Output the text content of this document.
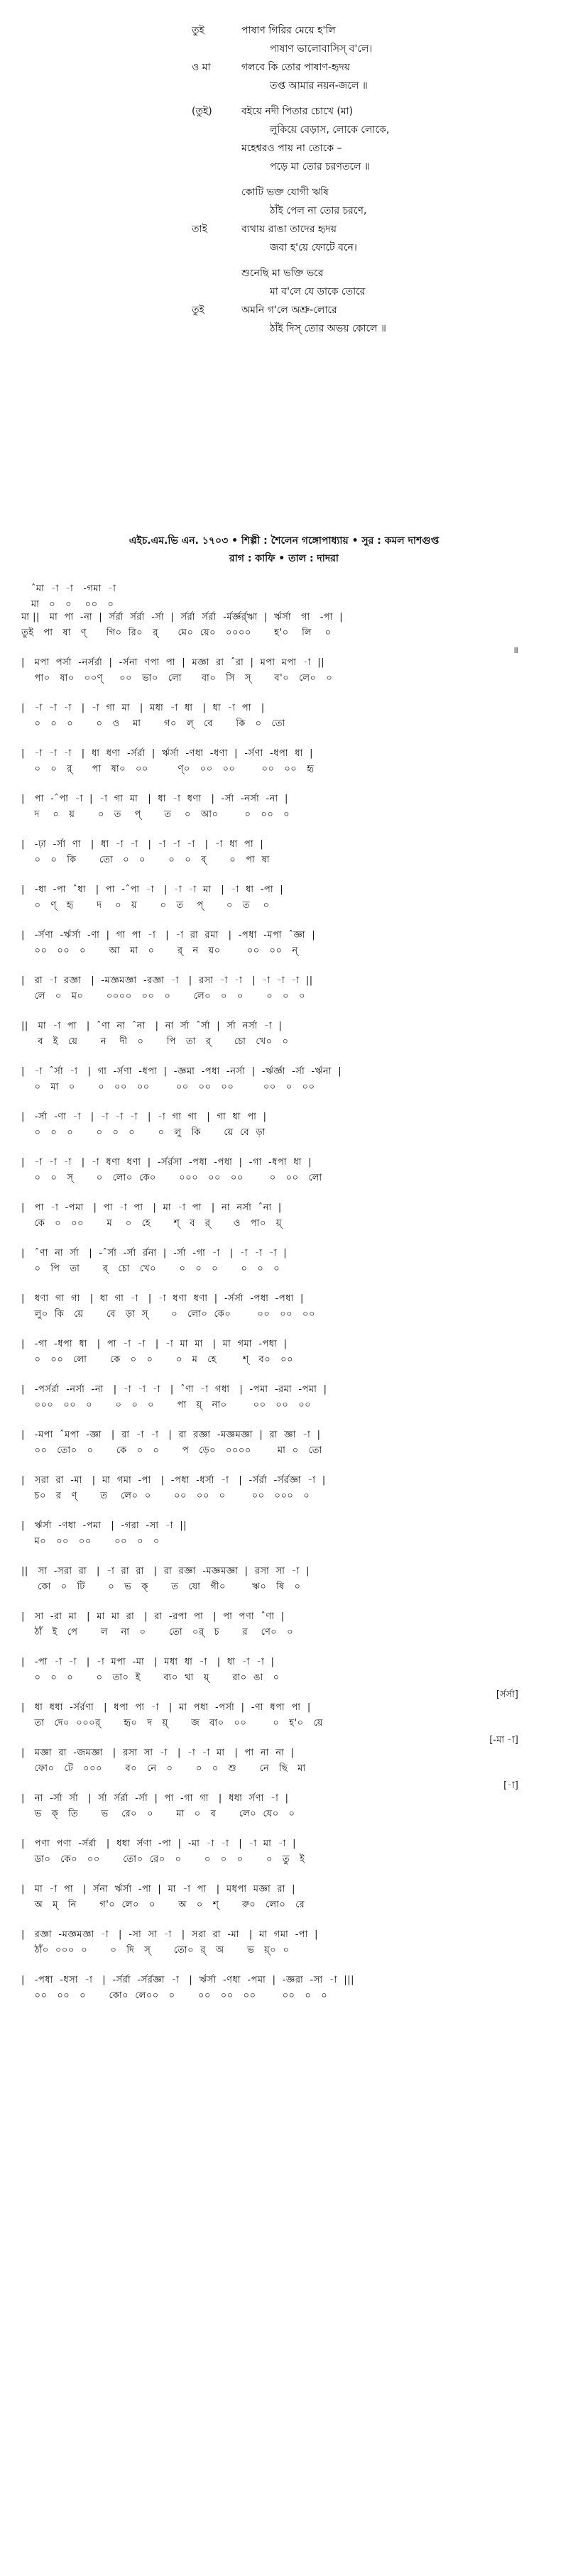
তুই	পাষাণ গিরির মেয়ে হ'লি
পাষাণ ভালোবাসিস্‌ ব'লে।
ও মা	গলবে কি তোর পাষাণ-হৃদয়
তপ্ত আমার নয়ন-জলে ॥
(তুই)	বইয়ে নদী পিতার চোখে (মা)
লুকিয়ে বেড়াস, লোকে লোকে,
মহেশ্বরও পায় না তোকে –
পড়ে মা তোর চরণতলে ॥
কোটি ভক্ত যোগী ঋষি
ঠাঁই পেল না তোর চরণে,
তাই	ব্যথায় রাঙা তাদের হৃদয়
জবা হ'য়ে ফোটে বনে।
শুনেছি মা ভক্তি ভরে
মা ব'লে যে ডাকে তোরে
তুই	অমনি গ'লে অশ্রু-লোরে
ঠাঁই দিস্‌ তোর অভয় কোলে ॥
এইচ.এম.ভি এন. ১৭০৩ • শিল্পী : শৈলেন গঙ্গোপাধ্যায় • সুর : কমল দাশগুপ্ত
রাগ : কাফি • তাল : দাদরা
ˆমা  -া  -া   -গমা  -া
মা   ০   ০    ০০   ০
মা ||   মা  পা  -না  |  র্সর্রা  র্সর্রা  -র্সা  |  র্সর্রা  র্সর্রা  -র্মর্জ্ঞর্র্ঋা  |  র্ঋর্সা   গা   -পা  |
তুই   পা   ষা   ণ্      গি০  রি০   র্      মে০  য়ে০   ০০০০       হ'০    লি    ০
|   মপা  পর্সা  -নর্সর্রা  |  -র্সনা  ণপা  পা  |  মজ্ঞা  রা  ˆরা  |  মপা  মপা  -া  ||
পা০   ষা০   ০০ণ্     ০০   ভা০   লো      বা০   সি   স্       ব'০   লে০   ০
॥
|   -া  -া  -া   |  -া  গা  মা   |  মধা  -া  ধা   |  ধা  -া  পা   |
০   ০   ০       ০   ও    মা       গ০   ল্   বে       কি   ০   তো
|   -া  -া  -া   |  ধা  ধণা  -র্সর্রা  |  র্ঋর্সা  -ণধা  -ধণা  |  -র্সণা  -ধপা  ধা  |
০   ০   র্      পা   ষা০   ০০         ণ্০   ০০   ০০        ০০   ০০   হৃ
|   পা  -ˆপা  -া  |  -া  গা  মা   |  ধা  -া  ধণা   |  -র্সা  -নর্সা  -না  |
দ    ০   য়       ০   ত    প্       ত    ০   আ০        ০   ০০   ০
|   -ঢ়া  -র্সা  ণা   |  ধা  -া  -া   |  -া  -া  -া   |  -া  ধা  পা  |
০   ০   কি       তো   ০   ০       ০   ০   ব্       ০   পা  ষা
|   -ধা  -পা  ˆধা   |  পা  -ˆপা  -া   |  -া  -া  মা   |  -া  ধা  -পা  |
০   ণ্   হৃ       দ    ০   য়       ০   ত    প্       ০   ত    ০
|   -র্সণা  -র্ঋর্সা  -ণা  |  গা  পা  -া   |  -া  রা  রমা   |  -পধা  -মপা  ˆজ্ঞা  |
০০   ০০   ০       আ   মা   ০       র্   ন   য়০        ০০   ০০   ন্
|   রা  -া  রজ্ঞা   |  -মজ্ঞমজ্ঞা  -রজ্ঞা  -া   |  রসা  -া  -া   |  -া  -া  -া  ||
লে   ০   ম০       ০০০০   ০০   ০       লে০   ০   ০       ০   ০   ০
||   মা  -া  পা   |  ˆণা  না  ˆনা   |  না  র্সা  ˆর্সা  |  র্সা  নর্সা  -া  |
ব   ই   য়ে       ন    দী   ০       পি   তা   র্       চো   খে০   ০
|   -া  ˆর্সা  -া   |  গা  -র্সণা  -ধপা  |  -জ্ঞমা  -পধা  -নর্সা  |  -র্ঋর্জ্ঞা  -র্সা  -র্ঋনা  |
০   মা   ০       ০   ০০   ০০        ০০   ০০   ০০         ০০   ০   ০০
|   -র্সা  -ণা  -া   |  -া  -া  -া   |  -া  গা  গা   |  গা  ধা  পা  |
০   ০   ০       ০   ০   ০       ০   লু   কি       য়ে  বে  ড়া
|   -া  -া  -া   |  -া  ধণা  ধণা  |  -র্সর্রসা  -পধা  -পধা  |  -গা  -ধপা  ধা  |
০   ০   স্       ০   লো০  কে০       ০০০   ০০   ০০        ০   ০০   লো
|   পা  -া  -পমা   |  পা  -া  পা   |  মা  -া  পা   |  না  নর্সা  ˆনা  |
কে   ০   ০০       ম    ০   হে       শ্   ব   র্       ও   পা০   য়্
|   ˆণা  না  র্সা   |  -ˆর্সা  -র্সা  র্রনা  |  -র্সা  -গা  -া   |  -া  -া  -া  |
০   পি   তা       র্   চো   খে০       ০   ০   ০       ০   ০   ০
|   ধণা  গা  গা   |  ধা  গা  -া   |  -া  ধণা  ধণা  |  -র্সর্সা  -পধা  -পধা  |
লু০  কি   য়ে       বে   ড়া  স্       ০   লো০  কে০        ০০   ০০   ০০
|   -গা  -ধপা  ধা   |  পা  -া  -া   |  -া  মা  মা   |  মা  গমা  -পধা  |
০   ০০   লো       কে   ০   ০       ০   ম   হে        শ্   ব০   ০০
|   -পর্সর্রা  -নর্সা  -না   |  -া  -া  -া   |  ˆণা  -া  গধা   |  -পমা  -রমা  -পমা  |
০০০   ০০   ০       ০   ০   ০       পা   য়্   না০        ০০   ০০   ০০
|   -মপা  ˆমপা  -জ্ঞা   |  রা  -া  -া   |  রা  রজ্ঞা  -মজ্ঞমজ্ঞা  |  রা  জ্ঞা  -া  |
০০   তো০   ০       কে   ০   ০       প   ড়ে০   ০০০০        মা  ০   তো
|   সরা  রা  -মা   |  মা  গমা  -পা   |  -পধা  -ধর্সা  -া   |  -র্সর্রা  -র্সর্রজ্ঞা  -া  |
চ০   র   ণ্       ত    লে০  ০       ০০   ০০   ০        ০০   ০০০   ০
|   র্ঋর্সা  -ণধা  -পমা   |  -গরা  -সা  -া  ||
ম০   ০০   ০০       ০০   ০   ০
||   সা  -সরা  রা   |  -া  রা  রা   |  রা  রজ্ঞা  -মজ্ঞমজ্ঞা  |  রসা  সা  -া  |
কো   ০   টি       ০   ভ   ক্       ত   যো   গী০        ঋ০   ষি   ০
|   সা  -রা  মা   |  মা  মা  রা   |  রা  -রপা  পা   |  পা  পণা  ˆণা  |
ঠাঁ   ই   পে       ল    না   ০       তো   ০র্   চ       র    ণে০   ০
|   -পা  -া  -া   |  -া  মপা  -মা   |  মধা  ধা  -া   |  ধা  -া  -া  |
০   ০   ০       ০   তা০  ই       ব্য০  থা   য়্       রা০  ঙা   ০
|   ধা  ধধা  -র্সর্রণা   |  ধপা  পা  -া   |  মা  পধা  -পর্সা  |  -ণা  ধপা  পা  |
তা   দে০  ০০০র্       হৃ০   দ   য়্       জ   বা০   ০০        ০   হ'০   য়ে
[র্সর্সা]
|   মজ্ঞা  রা  -জমজ্ঞা   |  রসা  সা  -া   |  -া  -া  মা   |  পা  না  না  |
ফো০   টে   ০০০       ব০   নে   ০       ০   ০   শু       নে   ছি   মা
[-মা -া]
|   না  -র্সা  র্সা   |  র্সা  র্সর্রা  -র্সা  |  পা  -গা  গা   |  ধধা  র্সণা  -া  |
ভ   ক্   তি       ভ    রে০   ০       মা   ০   ব       লে০  যে০   ০
[-া]
|   পণা  পণা  -র্সর্রা   |  ধধা  র্সণা  -পা  |  -মা  -া  -া   |  -া  মা  -া  |
ডা০   কে০   ০০       তো০  রে০   ০       ০   ০   ০       ০   তু   ই
|   মা  -া  পা   |  র্সনা  র্ঋর্সা  -পা  |  মা  -া  পা   |  মধপা  মজ্ঞা  রা  |
অ   ম্   নি       গ'০  লে০   ০       অ   ০   শ্       রু০   লো০   রে
|   রজ্ঞা  -মজ্ঞমজ্ঞা  -া   |  -সা  সা  -া   |  সরা  রা  -মা   |  মা  গমা  -পা  |
ঠাঁ০  ০০০  ০       ০   দি   স্       তো০  র্   অ       ভ   য়্০  ০
|   -পধা  -ধসা  -া   |  -র্সর্রা  -র্সর্রজ্ঞা  -া   |  র্ঋর্সা  -ণধা  -পমা  |  -জ্ঞরা  -সা  -া  |||
০০   ০০   ০       কো০  লে০০   ০       ০০   ০০   ০০        ০০   ০   ০
